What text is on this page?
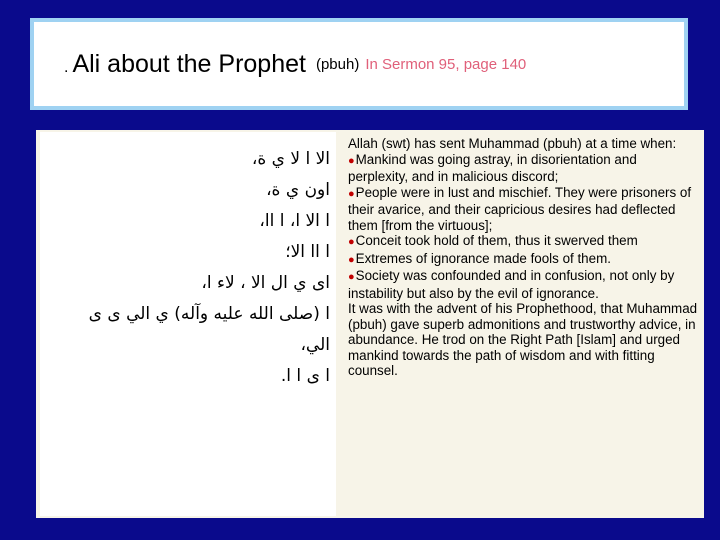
. Ali about the Prophet (pbuh) In Sermon 95, page 140
الا ا لا ي ة،
اون ي ة،
ا الا ا، ا اا،
ا اا الا؛
اى ي ال الا ، لاء ا،
ا (صلى الله عليه وآله) ي الي ى ى
الي،
ا ى ا ا.

Allah (swt) has sent Muhammad (pbuh) at a time when:

●Mankind was going astray, in disorientation and perplexity, and in malicious discord;

●People were in lust and mischief. They were prisoners of their avarice, and their capricious desires had deflected them [from the virtuous];

●Conceit took hold of them, thus it swerved them

●Extremes of ignorance made fools of them.

●Society was confounded and in confusion, not only by instability but also by the evil of ignorance.

It was with the advent of his Prophethood, that Muhammad (pbuh) gave superb admonitions and trustworthy advice, in abundance. He trod on the Right Path [Islam] and urged mankind towards the path of wisdom and with fitting counsel.
